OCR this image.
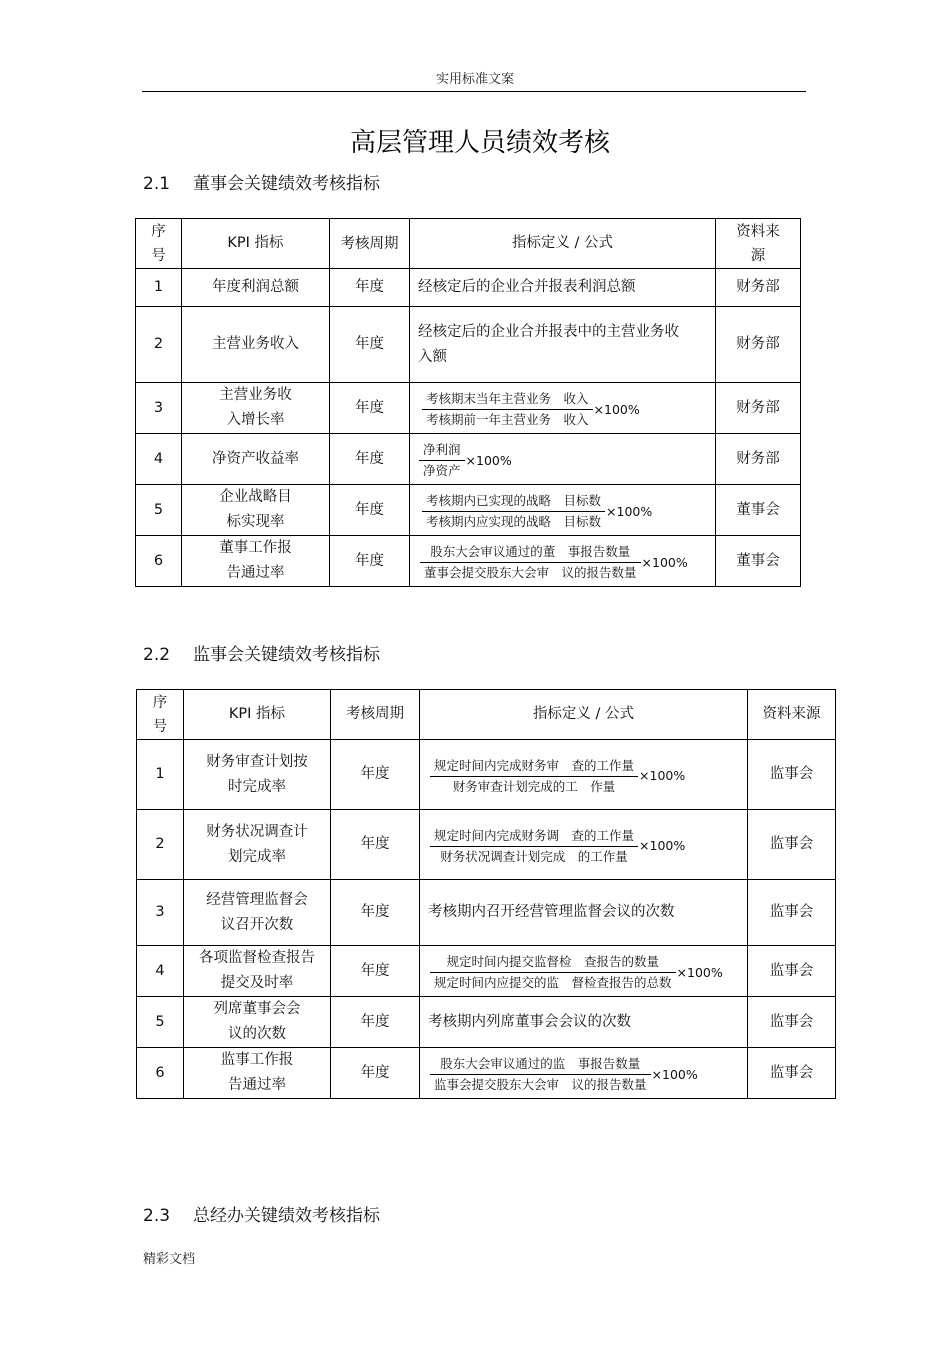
实用标准文案
高层管理人员绩效考核
2.1 董事会关键绩效考核指标
序号	KPI 指标	考核周期	指标定义 / 公式	资料来源
1	年度利润总额	年度	经核定后的企业合并报表利润总额	财务部
2	主营业务收入	年度	经核定后的企业合并报表中的主营业务收入额	财务部
3	主营业务收入增长率	年度	考核期末当年主营业务　收入
考核期前一年主营业务　收入
×100%	财务部
4	净资产收益率	年度	净利润
净资产
×100%	财务部
5	企业战略目标实现率	年度	考核期内已实现的战略　目标数
考核期内应实现的战略　目标数
×100%	董事会
6	董事工作报告通过率	年度	股东大会审议通过的董　事报告数量
董事会提交股东大会审　议的报告数量
×100%	董事会
2.2 监事会关键绩效考核指标
序号	KPI 指标	考核周期	指标定义 / 公式	资料来源
1	财务审查计划按时完成率	年度	规定时间内完成财务审　查的工作量
财务审查计划完成的工　作量
×100%	监事会
2	财务状况调查计划完成率	年度	规定时间内完成财务调　查的工作量
财务状况调查计划完成　的工作量
×100%	监事会
3	经营管理监督会议召开次数	年度	考核期内召开经营管理监督会议的次数	监事会
4	各项监督检查报告提交及时率	年度	规定时间内提交监督检　查报告的数量
规定时间内应提交的监　督检查报告的总数
×100%	监事会
5	列席董事会会议的次数	年度	考核期内列席董事会会议的次数	监事会
6	监事工作报告通过率	年度	股东大会审议通过的监　事报告数量
监事会提交股东大会审　议的报告数量
×100%	监事会
2.3 总经办关键绩效考核指标
精彩文档
